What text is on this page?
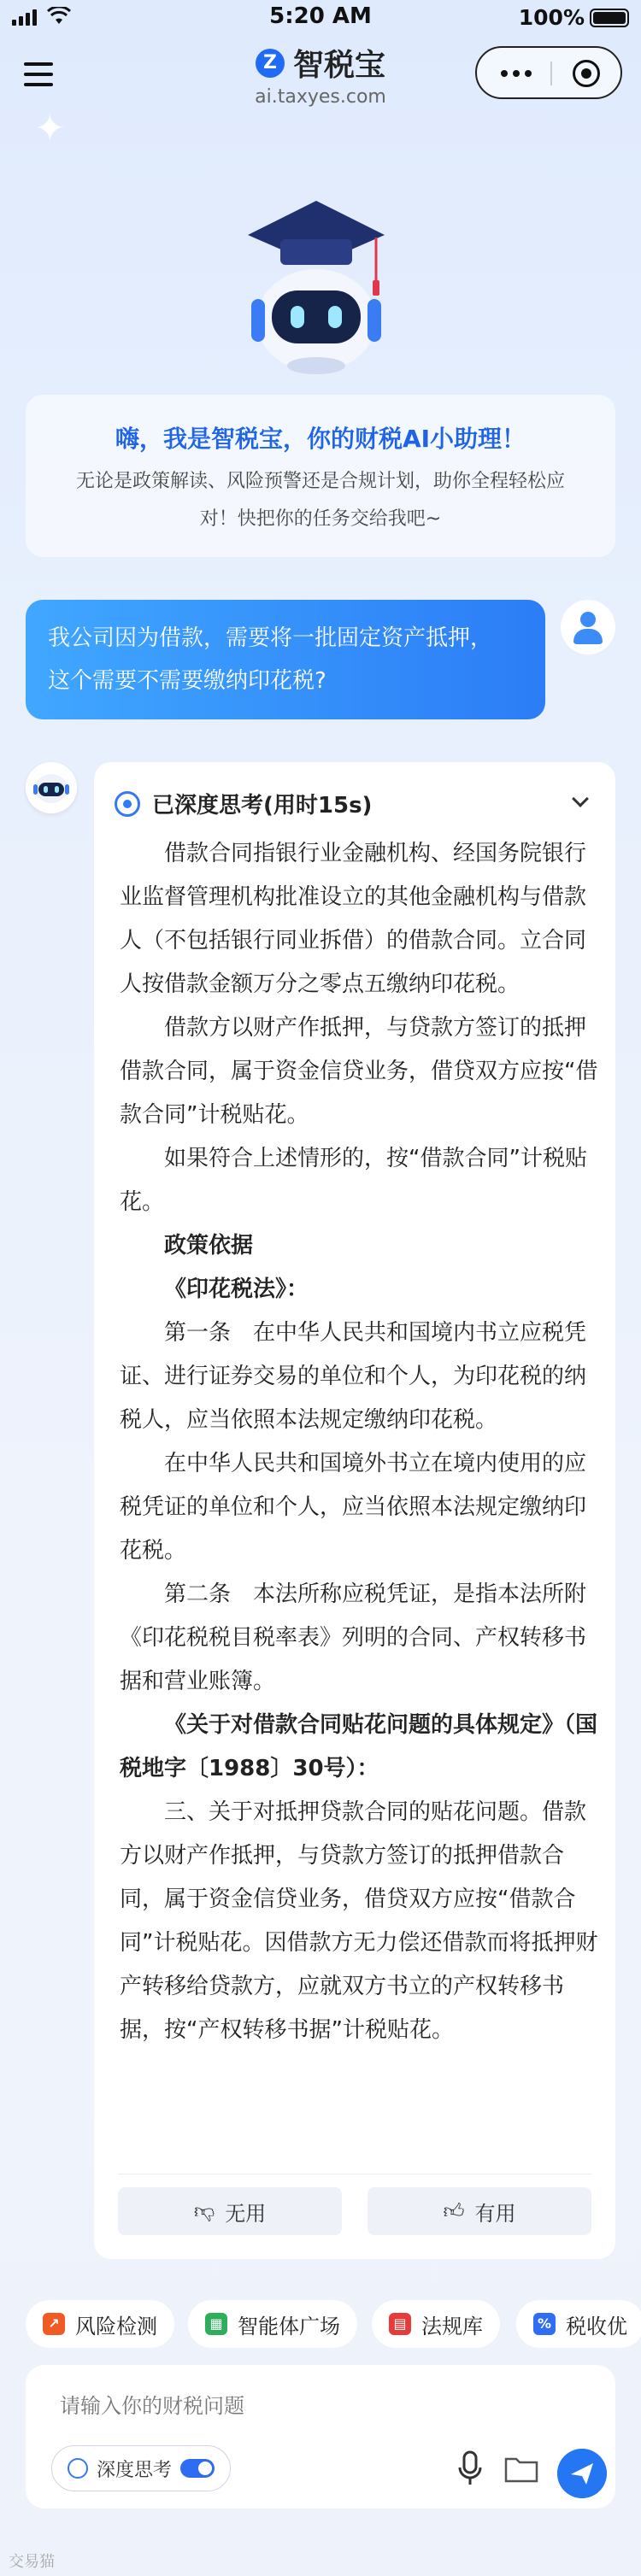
5:20 AM	100%
Z 智税宝
ai.taxyes.com
✦
嗨，我是智税宝，你的财税AI小助理！
无论是政策解读、风险预警还是合规计划，助你全程轻松应
对！快把你的任务交给我吧~
我公司因为借款，需要将一批固定资产抵押，
这个需要不需要缴纳印花税?
已深度思考(用时15s)

借款合同指银行业金融机构、经国务院银行业监督管理机构批准设立的其他金融机构与借款人（不包括银行同业拆借）的借款合同。立合同人按借款金额万分之零点五缴纳印花税。

借款方以财产作抵押，与贷款方签订的抵押借款合同，属于资金信贷业务，借贷双方应按“借款合同”计税贴花。

如果符合上述情形的，按“借款合同”计税贴花。

政策依据

《印花税法》：

第一条　在中华人民共和国境内书立应税凭证、进行证券交易的单位和个人，为印花税的纳税人，应当依照本法规定缴纳印花税。

在中华人民共和国境外书立在境内使用的应税凭证的单位和个人，应当依照本法规定缴纳印花税。

第二条　本法所称应税凭证，是指本法所附《印花税税目税率表》列明的合同、产权转移书据和营业账簿。

《关于对借款合同贴花问题的具体规定》（国税地字〔1988〕30号）：

三、关于对抵押贷款合同的贴花问题。借款方以财产作抵押，与贷款方签订的抵押借款合同，属于资金信贷业务，借贷双方应按“借款合同”计税贴花。因借款方无力偿还借款而将抵押财产转移给贷款方，应就双方书立的产权转移书据，按“产权转移书据”计税贴花。

👎︎ 无用	👍︎ 有用
↗ 风险检测	▦ 智能体广场	▤ 法规库	% 税收优
请输入你的财税问题
深度思考
交易猫
